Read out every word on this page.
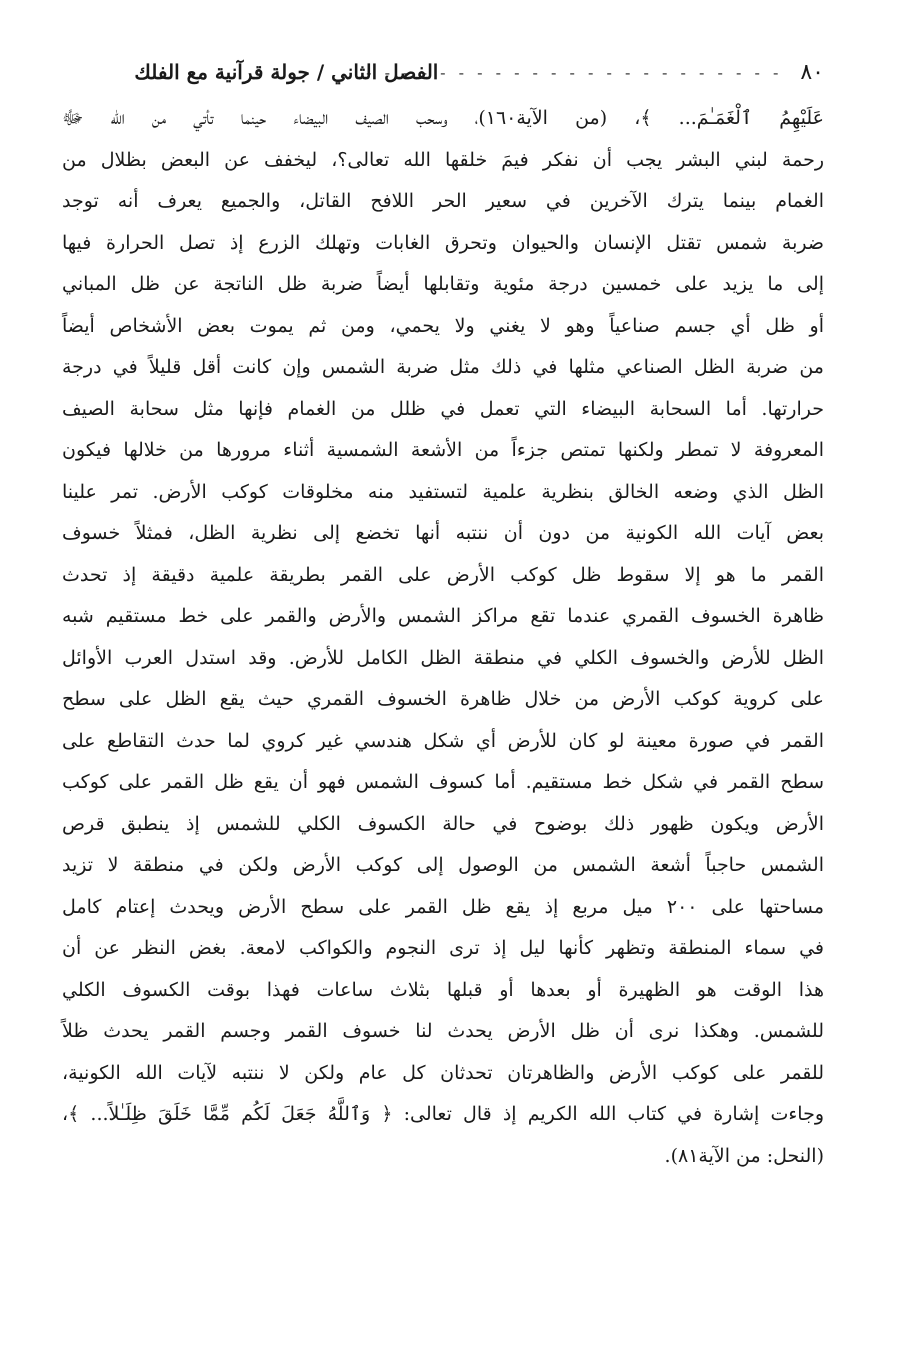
٨٠
- - - - - - - - - - - - - - - - - - - - - - -
الفصل الثاني / جولة قرآنية مع الفلك
عَلَيْهِمُ ٱلْغَمَـٰمَ... ﴾، (من الآية١٦٠)، وسحب الصيف البيضاء حينما تأتي من الله ﷻ
رحمة لبني البشر يجب أن نفكر فيمَ خلقها الله تعالى؟، ليخفف عن البعض بظلال من
الغمام بينما يترك الآخرين في سعير الحر اللافح القاتل، والجميع يعرف أنه توجد
ضربة شمس تقتل الإنسان والحيوان وتحرق الغابات وتهلك الزرع إذ تصل الحرارة فيها
إلى ما يزيد على خمسين درجة مئوية وتقابلها أيضاً ضربة ظل الناتجة عن ظل المباني
أو ظل أي جسم صناعياً وهو لا يغني ولا يحمي، ومن ثم يموت بعض الأشخاص أيضاً
من ضربة الظل الصناعي مثلها في ذلك مثل ضربة الشمس وإن كانت أقل قليلاً في درجة
حرارتها. أما السحابة البيضاء التي تعمل في ظلل من الغمام فإنها مثل سحابة الصيف
المعروفة لا تمطر ولكنها تمتص جزءاً من الأشعة الشمسية أثناء مرورها من خلالها فيكون
الظل الذي وضعه الخالق بنظرية علمية لتستفيد منه مخلوقات كوكب الأرض. تمر علينا
بعض آيات الله الكونية من دون أن ننتبه أنها تخضع إلى نظرية الظل، فمثلاً خسوف
القمر ما هو إلا سقوط ظل كوكب الأرض على القمر بطريقة علمية دقيقة إذ تحدث
ظاهرة الخسوف القمري عندما تقع مراكز الشمس والأرض والقمر على خط مستقيم شبه
الظل للأرض والخسوف الكلي في منطقة الظل الكامل للأرض. وقد استدل العرب الأوائل
على كروية كوكب الأرض من خلال ظاهرة الخسوف القمري حيث يقع الظل على سطح
القمر في صورة معينة لو كان للأرض أي شكل هندسي غير كروي لما حدث التقاطع على
سطح القمر في شكل خط مستقيم. أما كسوف الشمس فهو أن يقع ظل القمر على كوكب
الأرض ويكون ظهور ذلك بوضوح في حالة الكسوف الكلي للشمس إذ ينطبق قرص
الشمس حاجباً أشعة الشمس من الوصول إلى كوكب الأرض ولكن في منطقة لا تزيد
مساحتها على ٢٠٠ ميل مربع إذ يقع ظل القمر على سطح الأرض ويحدث إعتام كامل
في سماء المنطقة وتظهر كأنها ليل إذ ترى النجوم والكواكب لامعة. بغض النظر عن أن
هذا الوقت هو الظهيرة أو بعدها أو قبلها بثلاث ساعات فهذا بوقت الكسوف الكلي
للشمس. وهكذا نرى أن ظل الأرض يحدث لنا خسوف القمر وجسم القمر يحدث ظلاً
للقمر على كوكب الأرض والظاهرتان تحدثان كل عام ولكن لا ننتبه لآيات الله الكونية،
وجاءت إشارة في كتاب الله الكريم إذ قال تعالى: ﴿ وَٱللَّهُ جَعَلَ لَكُم مِّمَّا خَلَقَ ظِلَـٰلاً... ﴾،
(النحل: من الآية٨١).
